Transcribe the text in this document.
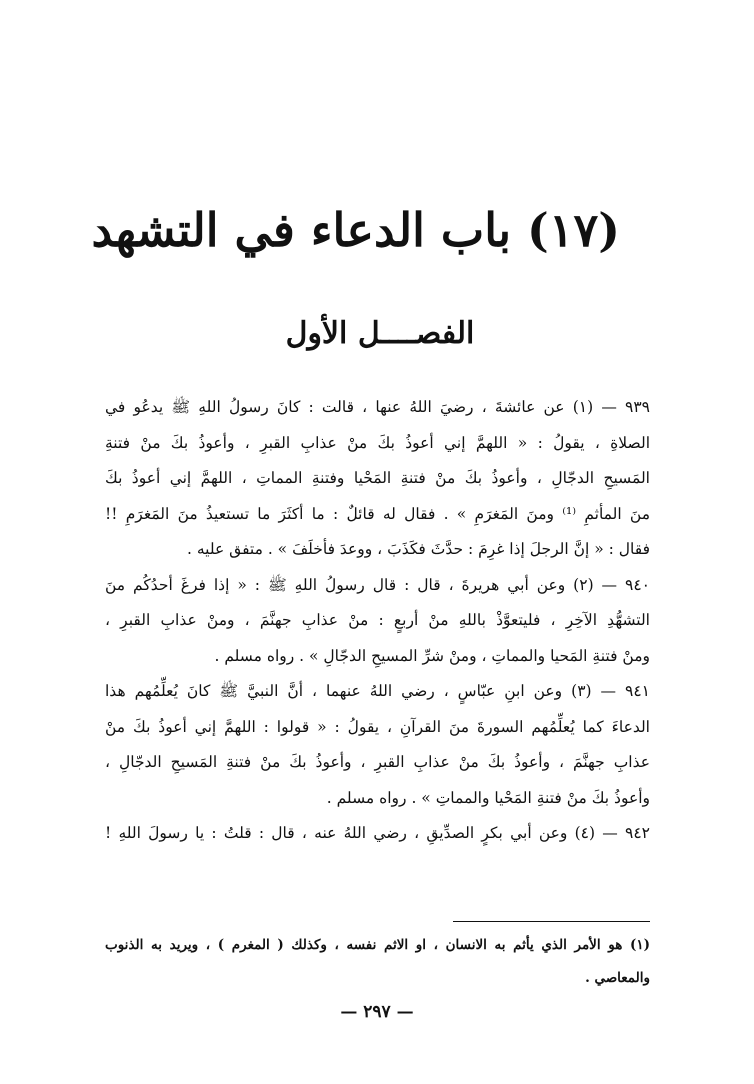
(١٧) باب الدعاء في التشهد
الفصــــل الأول
٩٣٩ — (١) عن عائشةَ ، رضيَ اللهُ عنها ، قالت : كانَ رسولُ اللهِ ﷺ يدعُو في
الصلاةِ ، يقولُ : « اللهمَّ إني أعوذُ بكَ منْ عذابِ القبرِ ، وأعوذُ بكَ منْ فتنةِ
المَسيحِ الدجّالِ ، وأعوذُ بكَ منْ فتنةِ المَحْيا وفتنةِ المماتِ ، اللهمَّ إني أعوذُ بكَ
منَ المأثمِ ⁽¹⁾ ومنَ المَغرَمِ » . فقال له قائلٌ : ما أكثَرَ ما تستعيذُ منَ المَغرَمِ !!
فقال : « إنَّ الرجلَ إذا غرِمَ : حدَّثَ فكَذَبَ ، ووعدَ فأخلَفَ » . متفق عليه .
٩٤٠ — (٢) وعن أبي هريرةَ ، قال : قال رسولُ اللهِ ﷺ : « إذا فرغَ أحدُكُم منَ
التشهُّدِ الآخِرِ ، فليتعوَّذْ باللهِ منْ أربعٍ : منْ عذابِ جهنَّمَ ، ومنْ عذابِ القبرِ ،
ومنْ فتنةِ المَحيا والمماتِ ، ومنْ شرِّ المسيحِ الدجّالِ » . رواه مسلم .
٩٤١ — (٣) وعن ابنِ عبّاسٍ ، رضي اللهُ عنهما ، أنَّ النبيَّ ﷺ كانَ يُعلِّمُهم هذا
الدعاءَ كما يُعلِّمُهم السورةَ منَ القرآنِ ، يقولُ : « قولوا : اللهمَّ إني أعوذُ بكَ منْ
عذابِ جهنَّمَ ، وأعوذُ بكَ منْ عذابِ القبرِ ، وأعوذُ بكَ منْ فتنةِ المَسيحِ الدجّالِ ،
وأعوذُ بكَ منْ فتنةِ المَحْيا والمماتِ » . رواه مسلم .
٩٤٢ — (٤) وعن أبي بكرٍ الصدِّيقِ ، رضي اللهُ عنه ، قال : قلتُ : يا رسولَ اللهِ !
(١) هو الأمر الذي يأثم به الانسان ، او الاثم نفسه ، وكذلك ( المغرم ) ، ويريد به الذنوب
والمعاصي .
— ٢٩٧ —
